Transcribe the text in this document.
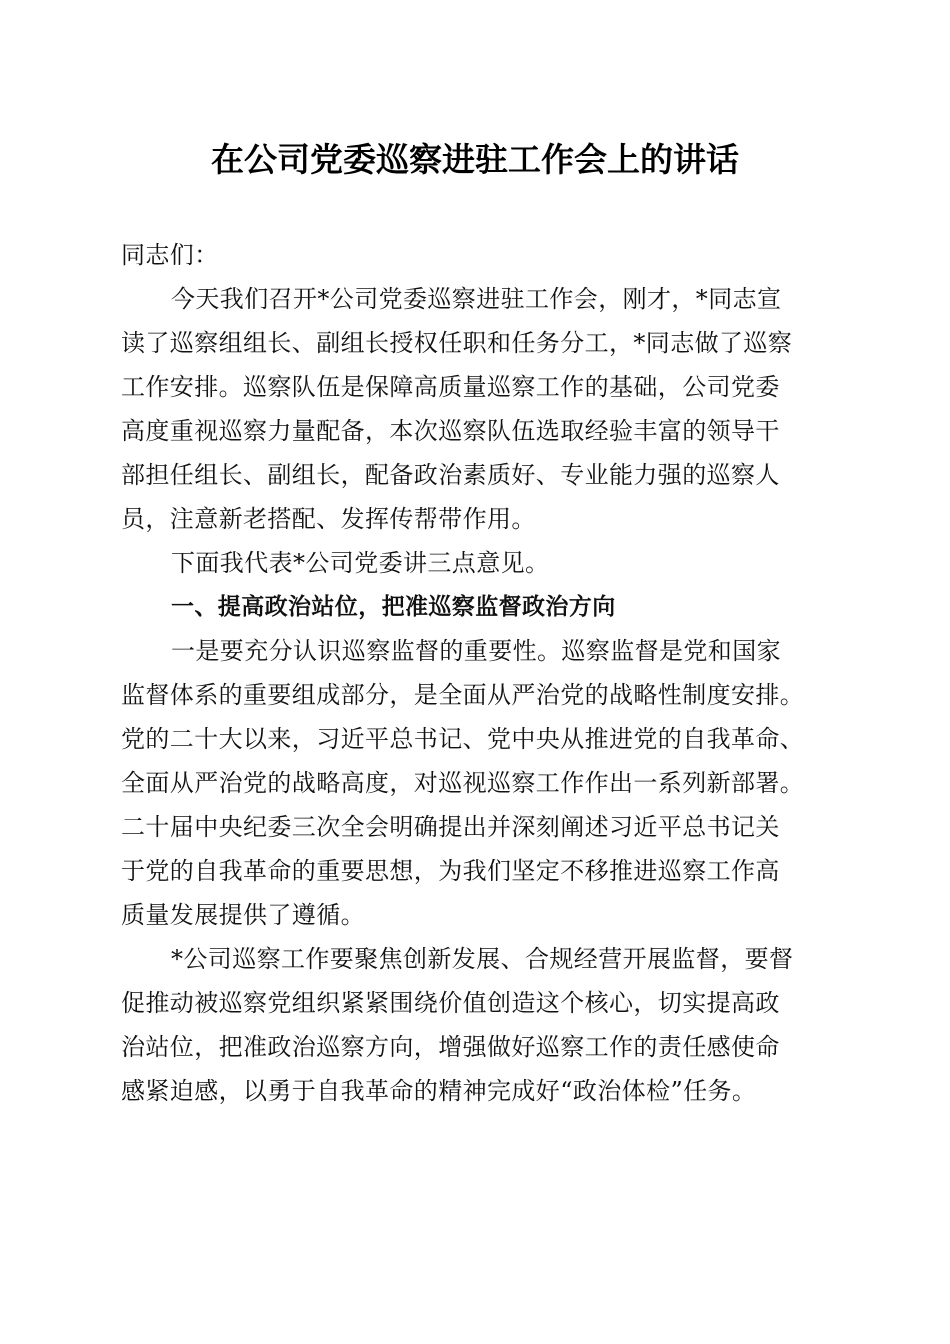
在公司党委巡察进驻工作会上的讲话
同志们：
今天我们召开*公司党委巡察进驻工作会，刚才，*同志宣
读了巡察组组长、副组长授权任职和任务分工，*同志做了巡察
工作安排。巡察队伍是保障高质量巡察工作的基础，公司党委
高度重视巡察力量配备，本次巡察队伍选取经验丰富的领导干
部担任组长、副组长，配备政治素质好、专业能力强的巡察人
员，注意新老搭配、发挥传帮带作用。
下面我代表*公司党委讲三点意见。
一、提高政治站位，把准巡察监督政治方向
一是要充分认识巡察监督的重要性。巡察监督是党和国家
监督体系的重要组成部分，是全面从严治党的战略性制度安排。
党的二十大以来，习近平总书记、党中央从推进党的自我革命、
全面从严治党的战略高度，对巡视巡察工作作出一系列新部署。
二十届中央纪委三次全会明确提出并深刻阐述习近平总书记关
于党的自我革命的重要思想，为我们坚定不移推进巡察工作高
质量发展提供了遵循。
*公司巡察工作要聚焦创新发展、合规经营开展监督，要督
促推动被巡察党组织紧紧围绕价值创造这个核心，切实提高政
治站位，把准政治巡察方向，增强做好巡察工作的责任感使命
感紧迫感，以勇于自我革命的精神完成好“政治体检”任务。
